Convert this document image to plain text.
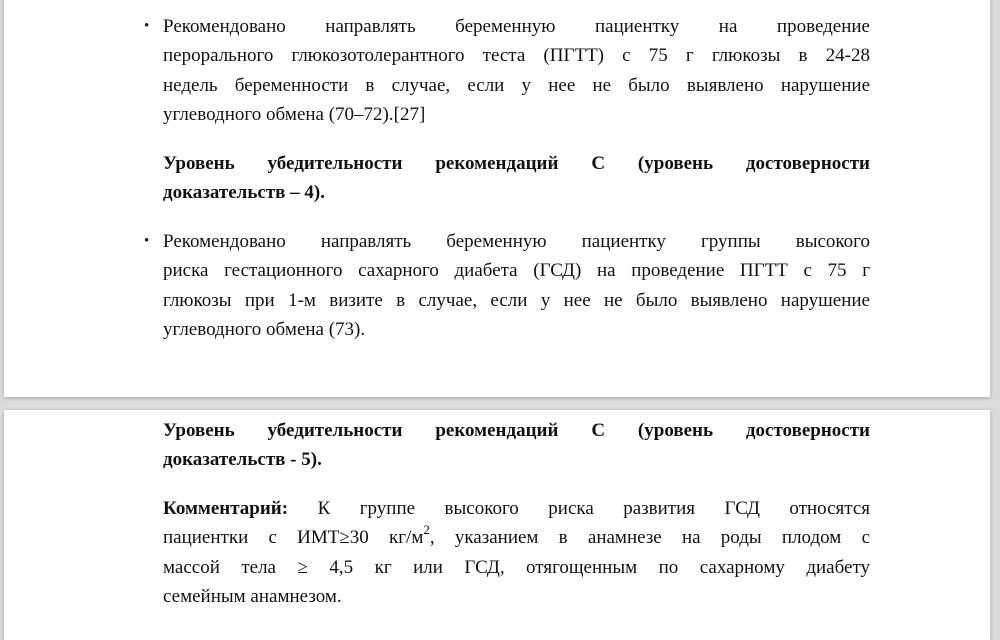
• Рекомендовано направлять беременную пациентку на проведение
перорального глюкозотолерантного теста (ПГТТ) с 75 г глюкозы в 24-28
недель беременности в случае, если у нее не было выявлено нарушение
углеводного обмена (70–72).[27]
Уровень убедительности рекомендаций С (уровень достоверности
доказательств – 4).
• Рекомендовано направлять беременную пациентку группы высокого
риска гестационного сахарного диабета (ГСД) на проведение ПГТТ с 75 г
глюкозы при 1-м визите в случае, если у нее не было выявлено нарушение
углеводного обмена (73).
Уровень убедительности рекомендаций С (уровень достоверности
доказательств - 5).
Комментарий: К группе высокого риска развития ГСД относятся
пациентки с ИМТ≥30 $кг/м^2$, указанием в анамнезе на роды плодом с
массой тела ≥ 4,5 кг или ГСД, отягощенным по сахарному диабету
семейным анамнезом.
